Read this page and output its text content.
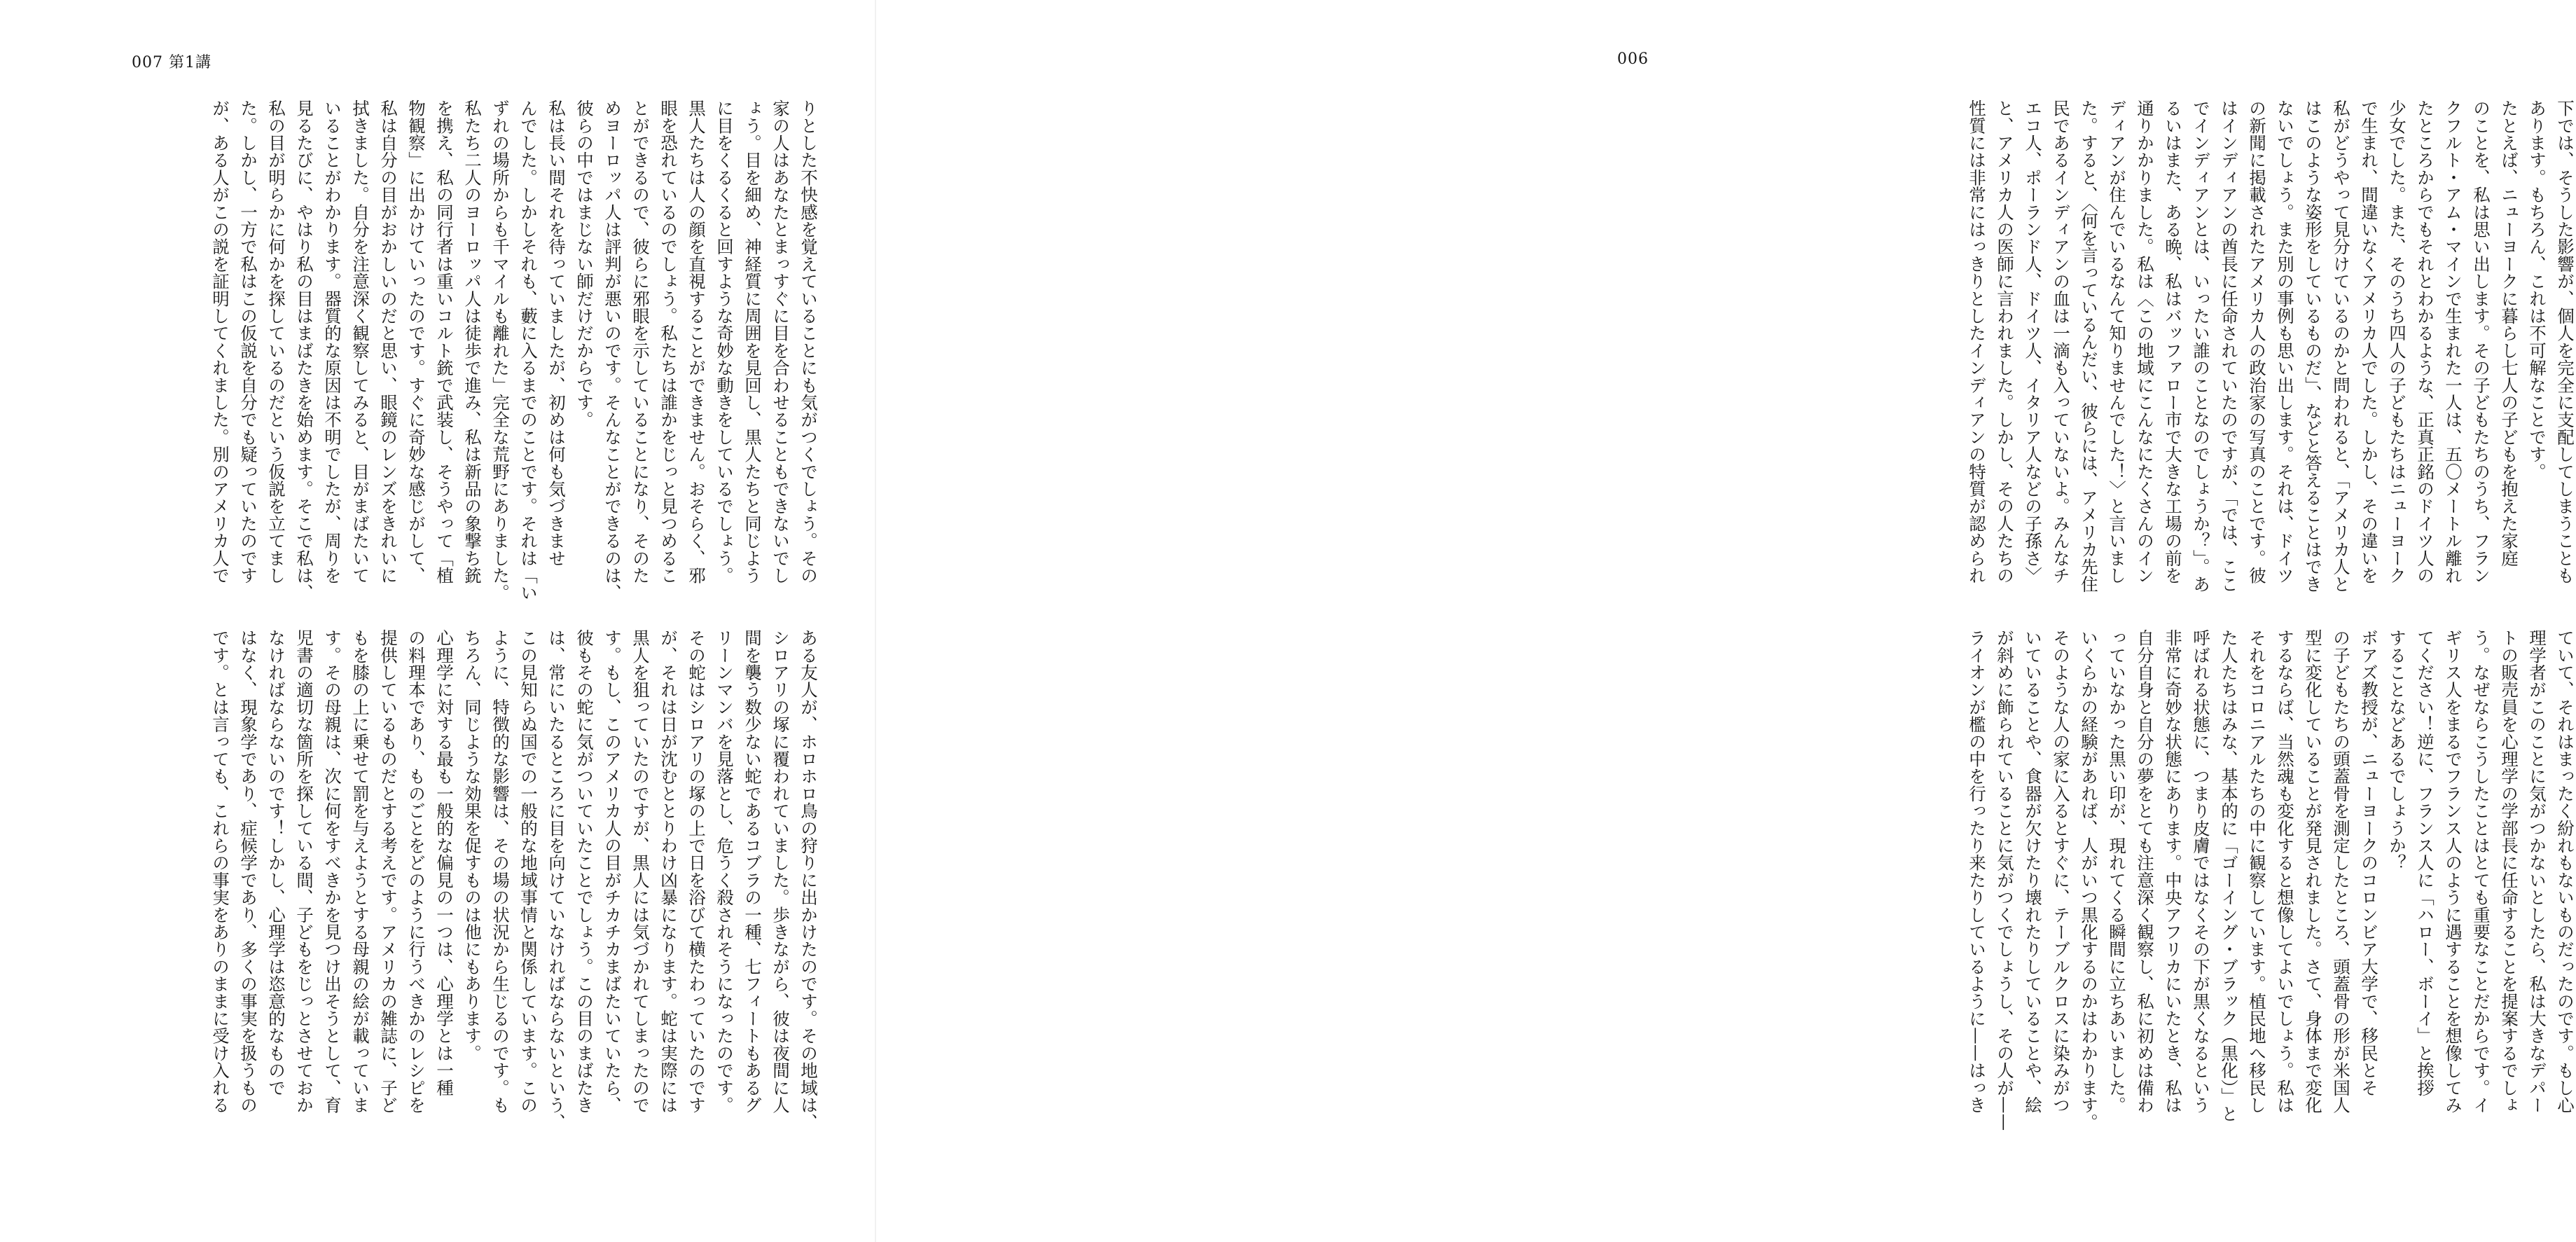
007 第1講
りとした不快感を覚えていることにも気がつくでしょう。その
家の人はあなたとまっすぐに目を合わせることもできないでし
ょう。目を細め、神経質に周囲を見回し、黒人たちと同じよう
に目をくるくると回すような奇妙な動きをしているでしょう。
黒人たちは人の顔を直視することができません。おそらく、邪
眼を恐れているのでしょう。私たちは誰かをじっと見つめるこ
とができるので、彼らに邪眼を示していることになり、そのた
めヨーロッパ人は評判が悪いのです。そんなことができるのは、
彼らの中ではまじない師だけだからです。
私は長い間それを待っていましたが、初めは何も気づきませ
んでした。しかしそれも、藪に入るまでのことです。それは「い
ずれの場所からも千マイルも離れた」完全な荒野にありました。
私たち二人のヨーロッパ人は徒歩で進み、私は新品の象撃ち銃
を携え、私の同行者は重いコルト銃で武装し、そうやって「植
物観察」に出かけていったのです。すぐに奇妙な感じがして、
私は自分の目がおかしいのだと思い、眼鏡のレンズをきれいに
拭きました。自分を注意深く観察してみると、目がまばたいて
いることがわかります。器質的な原因は不明でしたが、周りを
見るたびに、やはり私の目はまばたきを始めます。そこで私は、
私の目が明らかに何かを探しているのだという仮説を立てまし
た。しかし、一方で私はこの仮説を自分でも疑っていたのです
が、ある人がこの説を証明してくれました。別のアメリカ人で
ある友人が、ホロホロ鳥の狩りに出かけたのです。その地域は、
シロアリの塚に覆われていました。歩きながら、彼は夜間に人
間を襲う数少ない蛇であるコブラの一種、七フィートもあるグ
リーンマンバを見落とし、危うく殺されそうになったのです。
その蛇はシロアリの塚の上で日を浴びて横たわっていたのです
が、それは日が沈むととりわけ凶暴になります。蛇は実際には
黒人を狙っていたのですが、黒人には気づかれてしまったので
す。もし、このアメリカ人の目がチカチカまばたいていたら、
彼もその蛇に気がついていたことでしょう。この目のまばたき
は、常にいたるところに目を向けていなければならないという、
この見知らぬ国での一般的な地域事情と関係しています。この
ように、特徴的な影響は、その場の状況から生じるのです。も
ちろん、同じような効果を促すものは他にもあります。
心理学に対する最も一般的な偏見の一つは、心理学とは一種
の料理本であり、ものごとをどのように行うべきかのレシピを
提供しているものだとする考えです。アメリカの雑誌に、子ど
もを膝の上に乗せて罰を与えようとする母親の絵が載っていま
す。その母親は、次に何をすべきかを見つけ出そうとして、育
児書の適切な箇所を探している間、子どもをじっとさせておか
なければならないのです！しかし、心理学は恣意的なもので
はなく、現象学であり、症候学であり、多くの事実を扱うもの
です。とは言っても、これらの事実をありのままに受け入れる
006
下では、そうした影響が、個人を完全に支配してしまうことも
あります。もちろん、これは不可解なことです。
たとえば、ニューヨークに暮らし七人の子どもを抱えた家庭
のことを、私は思い出します。その子どもたちのうち、フラン
クフルト・アム・マインで生まれた一人は、五〇メートル離れ
たところからでもそれとわかるような、正真正銘のドイツ人の
少女でした。また、そのうち四人の子どもたちはニューヨーク
で生まれ、間違いなくアメリカ人でした。しかし、その違いを
私がどうやって見分けているのかと問われると、「アメリカ人と
はこのような姿形をしているものだ」、などと答えることはでき
ないでしょう。また別の事例も思い出します。それは、ドイツ
の新聞に掲載されたアメリカ人の政治家の写真のことです。彼
はインディアンの酋長に任命されていたのですが、「では、ここ
でインディアンとは、いったい誰のことなのでしょうか？」。あ
るいはまた、ある晩、私はバッファロー市で大きな工場の前を
通りかかりました。私は〈この地域にこんなにたくさんのイン
ディアンが住んでいるなんて知りませんでした！〉と言いまし
た。すると、〈何を言っているんだい、彼らには、アメリカ先住
民であるインディアンの血は一滴も入っていないよ。みんなチ
エコ人、ポーランド人、ドイツ人、イタリア人などの子孫さ〉
と、アメリカ人の医師に言われました。しかし、その人たちの
性質には非常にはっきりとしたインディアンの特質が認められ
ていて、それはまったく紛れもないものだったのです。もし心
理学者がこのことに気がつかないとしたら、私は大きなデパー
トの販売員を心理学の学部長に任命することを提案するでしょ
う。なぜならこうしたことはとても重要なことだからです。イ
ギリス人をまるでフランス人のように遇することを想像してみ
てください！逆に、フランス人に「ハロー、ボーイ」と挨拶
することなどあるでしょうか？
ボアズ教授が、ニューヨークのコロンビア大学で、移民とそ
の子どもたちの頭蓋骨を測定したところ、頭蓋骨の形が米国人
型に変化していることが発見されました。さて、身体まで変化
するならば、当然魂も変化すると想像してよいでしょう。私は
それをコロニアルたちの中に観察しています。植民地へ移民し
た人たちはみな、基本的に「ゴーイング・ブラック（黒化）」と
呼ばれる状態に、つまり皮膚ではなくその下が黒くなるという
非常に奇妙な状態にあります。中央アフリカにいたとき、私は
自分自身と自分の夢をとても注意深く観察し、私に初めは備わ
っていなかった黒い印が、現れてくる瞬間に立ちあいました。
いくらかの経験があれば、人がいつ黒化するのかはわかります。
そのような人の家に入るとすぐに、テーブルクロスに染みがつ
いていることや、食器が欠けたり壊れたりしていることや、絵
が斜めに飾られていることに気がつくでしょうし、その人が——
ライオンが檻の中を行ったり来たりしているように——はっき
